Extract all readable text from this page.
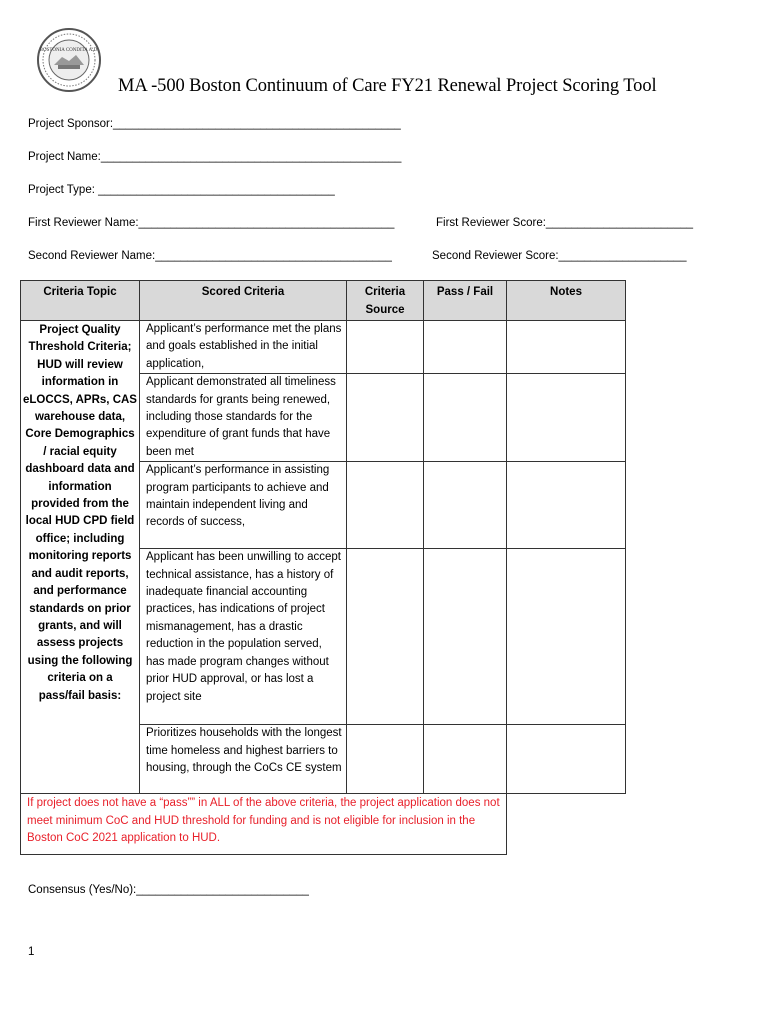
BOSTONIA CONDITA A.D.
MA -500 Boston Continuum of Care FY21 Renewal Project Scoring Tool
Project Sponsor:_____________________________________________
Project Name:_______________________________________________
Project Type: _____________________________________
First Reviewer Name:________________________________________	First Reviewer Score:_______________________
Second Reviewer Name:_____________________________________	Second Reviewer Score:____________________
Criteria Topic	Scored Criteria	Criteria Source	Pass / Fail	Notes
Project Quality Threshold Criteria; HUD will review information in eLOCCS, APRs, CAS warehouse data, Core Demographics / racial equity dashboard data and information provided from the local HUD CPD field office; including monitoring reports and audit reports, and performance standards on prior grants, and will assess projects using the following criteria on a pass/fail basis:	Applicant’s performance met the plans and goals established in the initial application,			
	Applicant demonstrated all timeliness standards for grants being renewed, including those standards for the expenditure of grant funds that have been met			
	Applicant’s performance in assisting program participants to achieve and maintain independent living and records of success,			
	Applicant has been unwilling to accept technical assistance, has a history of inadequate financial accounting practices, has indications of project mismanagement, has a drastic reduction in the population served, has made program changes without prior HUD approval, or has lost a project site			
	Prioritizes households with the longest time homeless and highest barriers to housing, through the CoCs CE system			
If project does not have a “pass”” in ALL of the above criteria, the project application does not meet minimum CoC and HUD threshold for funding and is not eligible for inclusion in the Boston CoC 2021 application to HUD.				
Consensus (Yes/No):___________________________
1
